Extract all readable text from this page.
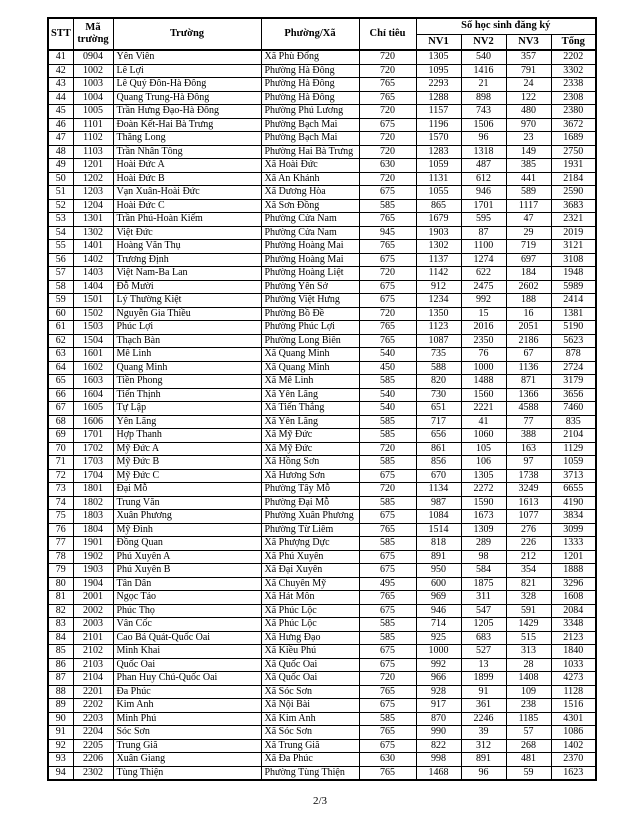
STT	Mã trường	Trường	Phường/Xã	Chỉ tiêu	Số học sinh đăng ký			
					NV1	NV2	NV3	Tổng
41	0904	Yên Viên	Xã Phù Đổng	720	1305	540	357	2202
42	1002	Lê Lợi	Phường Hà Đông	720	1095	1416	791	3302
43	1003	Lê Quý Đôn-Hà Đông	Phường Hà Đông	765	2293	21	24	2338
44	1004	Quang Trung-Hà Đông	Phường Hà Đông	765	1288	898	122	2308
45	1005	Trần Hưng Đạo-Hà Đông	Phường Phú Lương	720	1157	743	480	2380
46	1101	Đoàn Kết-Hai Bà Trưng	Phường Bạch Mai	675	1196	1506	970	3672
47	1102	Thăng Long	Phường Bạch Mai	720	1570	96	23	1689
48	1103	Trần Nhân Tông	Phường Hai Bà Trưng	720	1283	1318	149	2750
49	1201	Hoài Đức A	Xã Hoài Đức	630	1059	487	385	1931
50	1202	Hoài Đức B	Xã An Khánh	720	1131	612	441	2184
51	1203	Vạn Xuân-Hoài Đức	Xã Dương Hòa	675	1055	946	589	2590
52	1204	Hoài Đức C	Xã Sơn Đồng	585	865	1701	1117	3683
53	1301	Trần Phú-Hoàn Kiếm	Phường Cửa Nam	765	1679	595	47	2321
54	1302	Việt Đức	Phường Cửa Nam	945	1903	87	29	2019
55	1401	Hoàng Văn Thụ	Phường Hoàng Mai	765	1302	1100	719	3121
56	1402	Trương Định	Phường Hoàng Mai	675	1137	1274	697	3108
57	1403	Việt Nam-Ba Lan	Phường Hoàng Liệt	720	1142	622	184	1948
58	1404	Đỗ Mười	Phường Yên Sở	675	912	2475	2602	5989
59	1501	Lý Thường Kiệt	Phường Việt Hưng	675	1234	992	188	2414
60	1502	Nguyễn Gia Thiều	Phường Bồ Đề	720	1350	15	16	1381
61	1503	Phúc Lợi	Phường Phúc Lợi	765	1123	2016	2051	5190
62	1504	Thạch Bàn	Phường Long Biên	765	1087	2350	2186	5623
63	1601	Mê Linh	Xã Quang Minh	540	735	76	67	878
64	1602	Quang Minh	Xã Quang Minh	450	588	1000	1136	2724
65	1603	Tiền Phong	Xã Mê Linh	585	820	1488	871	3179
66	1604	Tiến Thịnh	Xã Yên Lãng	540	730	1560	1366	3656
67	1605	Tự Lập	Xã Tiến Thắng	540	651	2221	4588	7460
68	1606	Yên Lãng	Xã Yên Lãng	585	717	41	77	835
69	1701	Hợp Thanh	Xã Mỹ Đức	585	656	1060	388	2104
70	1702	Mỹ Đức A	Xã Mỹ Đức	720	861	105	163	1129
71	1703	Mỹ Đức B	Xã Hồng Sơn	585	856	106	97	1059
72	1704	Mỹ Đức C	Xã Hương Sơn	675	670	1305	1738	3713
73	1801	Đại Mỗ	Phường Tây Mỗ	720	1134	2272	3249	6655
74	1802	Trung Văn	Phường Đại Mỗ	585	987	1590	1613	4190
75	1803	Xuân Phương	Phường Xuân Phương	675	1084	1673	1077	3834
76	1804	Mỹ Đình	Phường Từ Liêm	765	1514	1309	276	3099
77	1901	Đồng Quan	Xã Phượng Dực	585	818	289	226	1333
78	1902	Phú Xuyên A	Xã Phú Xuyên	675	891	98	212	1201
79	1903	Phú Xuyên B	Xã Đại Xuyên	675	950	584	354	1888
80	1904	Tân Dân	Xã Chuyên Mỹ	495	600	1875	821	3296
81	2001	Ngọc Tảo	Xã Hát Môn	765	969	311	328	1608
82	2002	Phúc Thọ	Xã Phúc Lộc	675	946	547	591	2084
83	2003	Vân Cốc	Xã Phúc Lộc	585	714	1205	1429	3348
84	2101	Cao Bá Quát-Quốc Oai	Xã Hưng Đạo	585	925	683	515	2123
85	2102	Minh Khai	Xã Kiều Phú	675	1000	527	313	1840
86	2103	Quốc Oai	Xã Quốc Oai	675	992	13	28	1033
87	2104	Phan Huy Chú-Quốc Oai	Xã Quốc Oai	720	966	1899	1408	4273
88	2201	Đa Phúc	Xã Sóc Sơn	765	928	91	109	1128
89	2202	Kim Anh	Xã Nội Bài	675	917	361	238	1516
90	2203	Minh Phú	Xã Kim Anh	585	870	2246	1185	4301
91	2204	Sóc Sơn	Xã Sóc Sơn	765	990	39	57	1086
92	2205	Trung Giã	Xã Trung Giã	675	822	312	268	1402
93	2206	Xuân Giang	Xã Đa Phúc	630	998	891	481	2370
94	2302	Tùng Thiện	Phường Tùng Thiện	765	1468	96	59	1623
2/3
